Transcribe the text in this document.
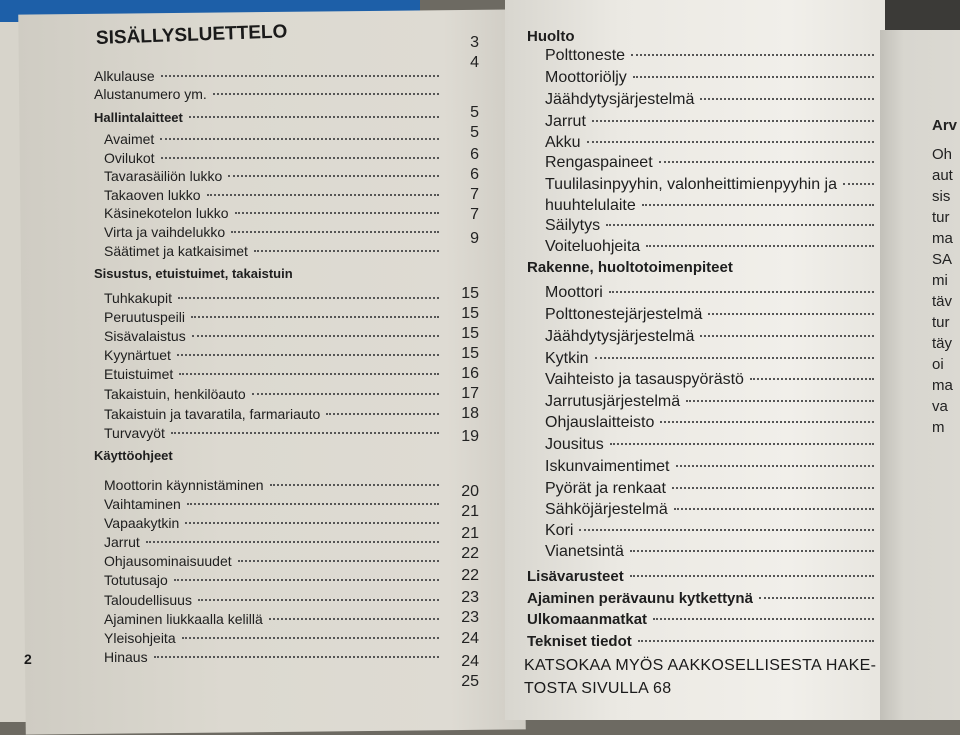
Arv
Oh
aut
sis
tur
ma
SA
mi
täv
tur
täy
oi
ma
va
m
SISÄLLYSLUETTELO
Alkulause
Alustanumero ym.
Hallintalaitteet
Avaimet
Ovilukot
Tavarasäiliön lukko
Takaoven lukko
Käsinekotelon lukko
Virta ja vaihdelukko
Säätimet ja katkaisimet
Sisustus, etuistuimet, takaistuin
Tuhkakupit
Peruutuspeili
Sisävalaistus
Kyynärtuet
Etuistuimet
Takaistuin, henkilöauto
Takaistuin ja tavaratila, farmariauto
Turvavyöt
Käyttöohjeet
Moottorin käynnistäminen
Vaihtaminen
Vapaakytkin
Jarrut
Ohjausominaisuudet
Totutusajo
Taloudellisuus
Ajaminen liukkaalla kelillä
Yleisohjeita
Hinaus
Huolto
Polttoneste
Moottoriöljy
Jäähdytysjärjestelmä
Jarrut
Akku
Rengaspaineet
Tuulilasinpyyhin, valonheittimienpyyhin ja
huuhtelulaite
Säilytys
Voiteluohjeita
Rakenne, huoltotoimenpiteet
Moottori
Polttonestejärjestelmä
Jäähdytysjärjestelmä
Kytkin
Vaihteisto ja tasauspyörästö
Jarrutusjärjestelmä
Ohjauslaitteisto
Jousitus
Iskunvaimentimet
Pyörät ja renkaat
Sähköjärjestelmä
Kori
Vianetsintä
Lisävarusteet
Ajaminen perävaunu kytkettynä
Ulkomaanmatkat
Tekniset tiedot
3
4
5
5
6
6
7
7
9
15
15
15
15
16
17
18
19
20
21
21
22
22
23
23
24
24
25
2	KATSOKAA MYÖS AAKKOSELLISESTA HAKE-
TOSTA SIVULLA 68
